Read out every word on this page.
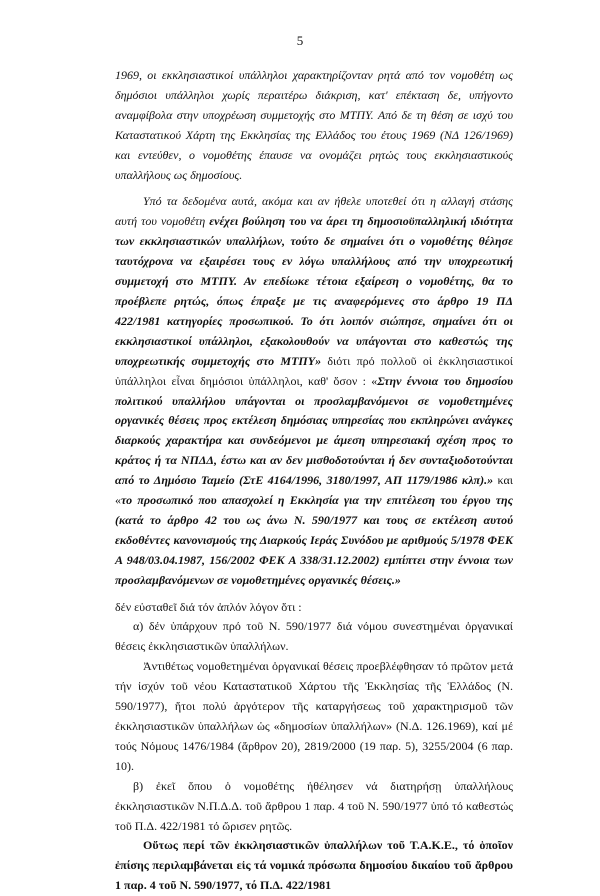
5

1969, οι εκκλησιαστικοί υπάλληλοι χαρακτηρίζονταν ρητά από τον νομοθέτη ως δημόσιοι υπάλληλοι χωρίς περαιτέρω διάκριση, κατ' επέκταση δε, υπήγοντο αναμφίβολα στην υποχρέωση συμμετοχής στο ΜΤΠΥ. Από δε τη θέση σε ισχύ του Καταστατικού Χάρτη της Εκκλησίας της Ελλάδος του έτους 1969 (ΝΔ 126/1969) και εντεύθεν, ο νομοθέτης έπαυσε να ονομάζει ρητώς τους εκκλησιαστικούς υπαλλήλους ως δημοσίους.

Υπό τα δεδομένα αυτά, ακόμα και αν ήθελε υποτεθεί ότι η αλλαγή στάσης αυτή του νομοθέτη ενέχει βούληση του να άρει τη δημοσιοϋπαλληλική ιδιότητα των εκκλησιαστικών υπαλλήλων, τούτο δε σημαίνει ότι ο νομοθέτης θέλησε ταυτόχρονα να εξαιρέσει τους εν λόγω υπαλλήλους από την υποχρεωτική συμμετοχή στο ΜΤΠΥ. Αν επεδίωκε τέτοια εξαίρεση ο νομοθέτης, θα το προέβλεπε ρητώς, όπως έπραξε με τις αναφερόμενες στο άρθρο 19 ΠΔ 422/1981 κατηγορίες προσωπικού. Το ότι λοιπόν σιώπησε, σημαίνει ότι οι εκκλησιαστικοί υπάλληλοι, εξακολουθούν να υπάγονται στο καθεστώς της υποχρεωτικής συμμετοχής στο ΜΤΠΥ» διότι πρό πολλοῦ οἱ ἐκκλησιαστικοί ὑπάλληλοι εἶναι δημόσιοι ὑπάλληλοι, καθ' ὅσον : «Στην έννοια του δημοσίου πολιτικού υπαλλήλου υπάγονται οι προσλαμβανόμενοι σε νομοθετημένες οργανικές θέσεις προς εκτέλεση δημόσιας υπηρεσίας που εκπληρώνει ανάγκες διαρκούς χαρακτήρα και συνδεόμενοι με άμεση υπηρεσιακή σχέση προς το κράτος ή τα ΝΠΔΔ, έστω και αν δεν μισθοδοτούνται ή δεν συνταξιοδοτούνται από το Δημόσιο Ταμείο (ΣτΕ 4164/1996, 3180/1997, ΑΠ 1179/1986 κλπ).» και «το προσωπικό που απασχολεί η Εκκλησία για την επιτέλεση του έργου της (κατά το άρθρο 42 του ως άνω Ν. 590/1977 και τους σε εκτέλεση αυτού εκδοθέντες κανονισμούς της Διαρκούς Ιεράς Συνόδου με αριθμούς 5/1978 ΦΕΚ Α 948/03.04.1987, 156/2002 ΦΕΚ Α 338/31.12.2002) εμπίπτει στην έννοια των προσλαμβανόμενων σε νομοθετημένες οργανικές θέσεις.»

δέν εὐσταθεῖ διά τόν ἁπλόν λόγον ὅτι :

α) δέν ὑπάρχουν πρό τοῦ Ν. 590/1977 διά νόμου συνεστημέναι ὀργανικαί θέσεις ἐκκλησιαστικῶν ὑπαλλήλων.

Ἀντιθέτως νομοθετημέναι ὀργανικαί θέσεις προεβλέφθησαν τό πρῶτον μετά τήν ἰσχύν τοῦ νέου Καταστατικοῦ Χάρτου τῆς Ἐκκλησίας τῆς Ἑλλάδος (Ν. 590/1977), ἤτοι πολύ ἀργότερον τῆς καταργήσεως τοῦ χαρακτηρισμοῦ τῶν ἐκκλησιαστικῶν ὑπαλλήλων ὡς «δημοσίων ὑπαλλήλων» (Ν.Δ. 126.1969), καί μέ τούς Νόμους 1476/1984 (ἄρθρον 20), 2819/2000 (19 παρ. 5), 3255/2004 (6 παρ. 10).

β) ἐκεῖ ὅπου ὁ νομοθέτης ἠθέλησεν νά διατηρήσῃ ὑπαλλήλους ἐκκλησιαστικῶν Ν.Π.Δ.Δ. τοῦ ἄρθρου 1 παρ. 4 τοῦ Ν. 590/1977 ὑπό τό καθεστώς τοῦ Π.Δ. 422/1981 τό ὥρισεν ρητῶς.

Οὕτως περί τῶν ἐκκλησιαστικῶν ὑπαλλήλων τοῦ Τ.Α.Κ.Ε., τό ὁποῖον ἐπίσης περιλαμβάνεται εἰς τά νομικά πρόσωπα δημοσίου δικαίου τοῦ ἄρθρου 1 παρ. 4 τοῦ Ν. 590/1977, τό Π.Δ. 422/1981
